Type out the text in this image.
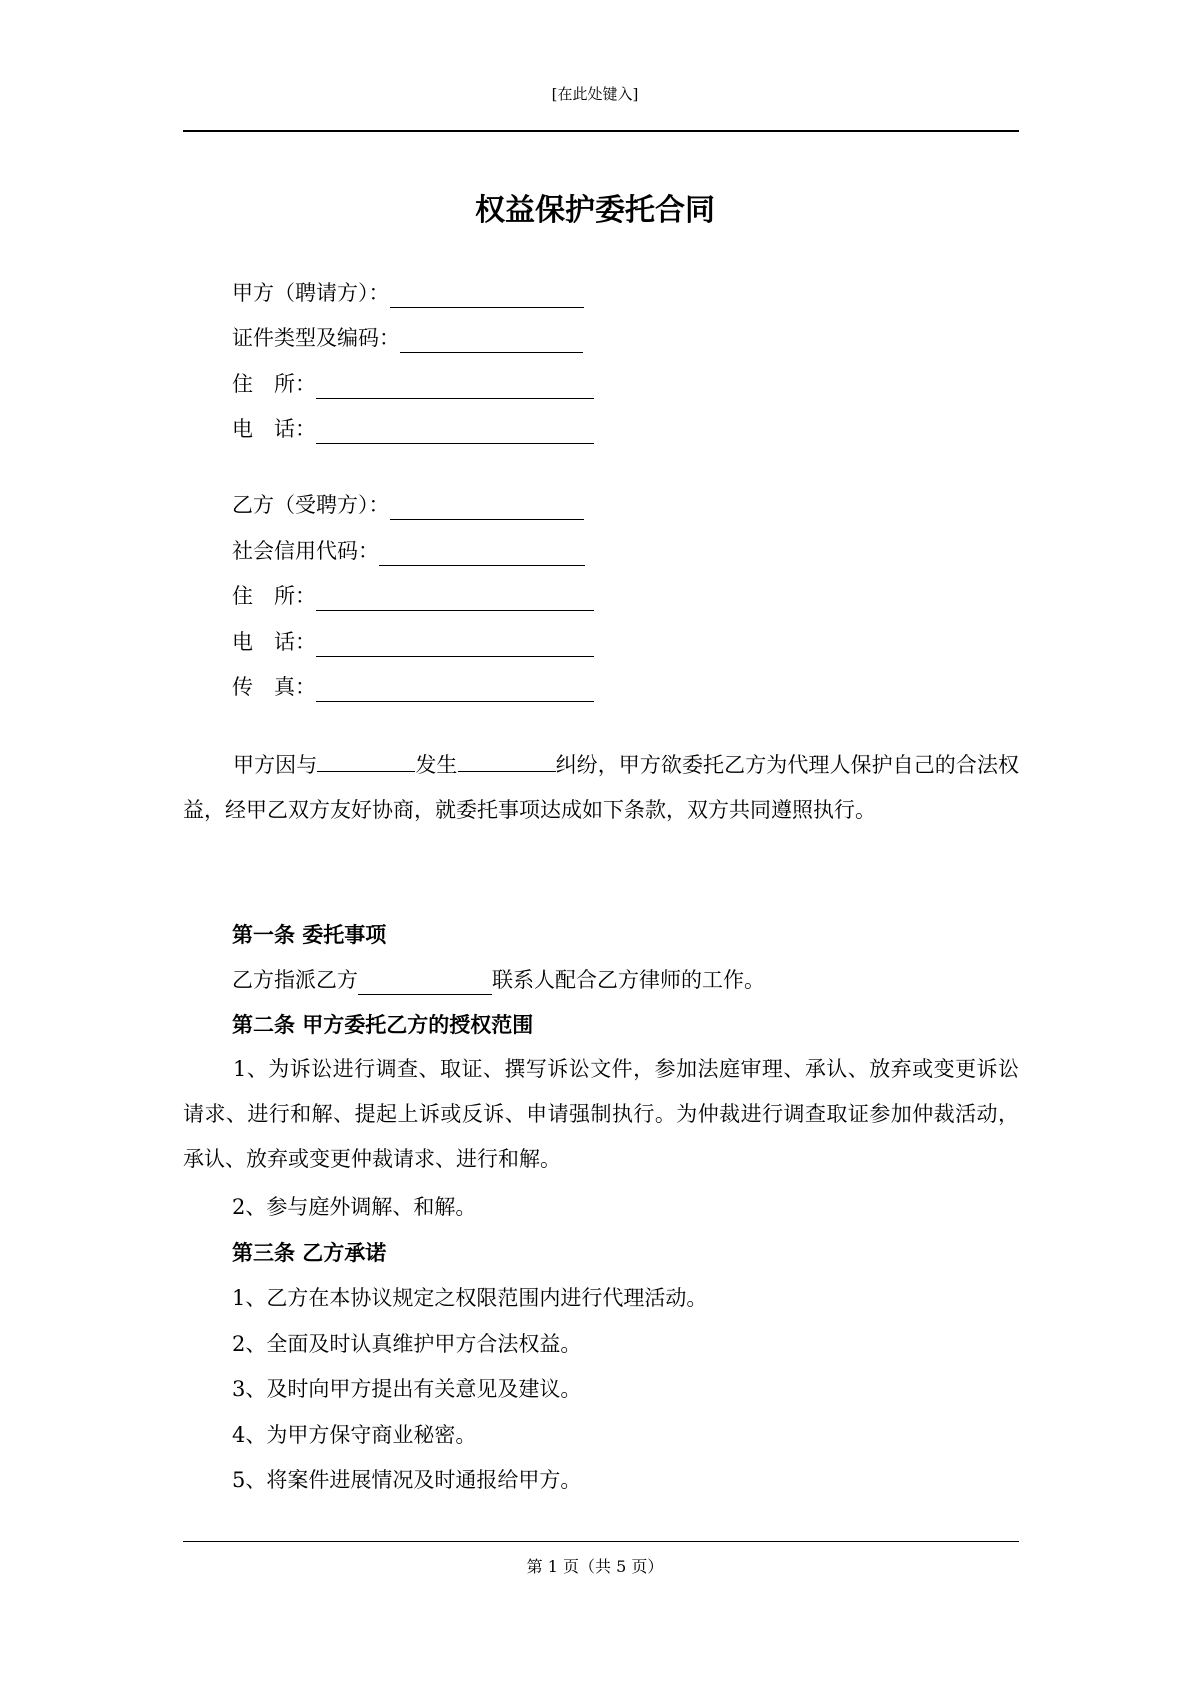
[在此处键入]
权益保护委托合同
甲方（聘请方）：
证件类型及编码：
住　所：
电　话：
乙方（受聘方）：
社会信用代码：
住　所：
电　话：
传　真：
甲方因与	发生	纠纷，甲方欲委托乙方为代理人保护自己的合法权益，经甲乙双方友好协商，就委托事项达成如下条款，双方共同遵照执行。
第一条 委托事项
乙方指派乙方	联系人配合乙方律师的工作。
第二条 甲方委托乙方的授权范围
1、为诉讼进行调查、取证、撰写诉讼文件，参加法庭审理、承认、放弃或变更诉讼请求、进行和解、提起上诉或反诉、申请强制执行。为仲裁进行调查取证参加仲裁活动，承认、放弃或变更仲裁请求、进行和解。
2、参与庭外调解、和解。
第三条 乙方承诺
1、乙方在本协议规定之权限范围内进行代理活动。
2、全面及时认真维护甲方合法权益。
3、及时向甲方提出有关意见及建议。
4、为甲方保守商业秘密。
5、将案件进展情况及时通报给甲方。
第 1 页（共 5 页）
